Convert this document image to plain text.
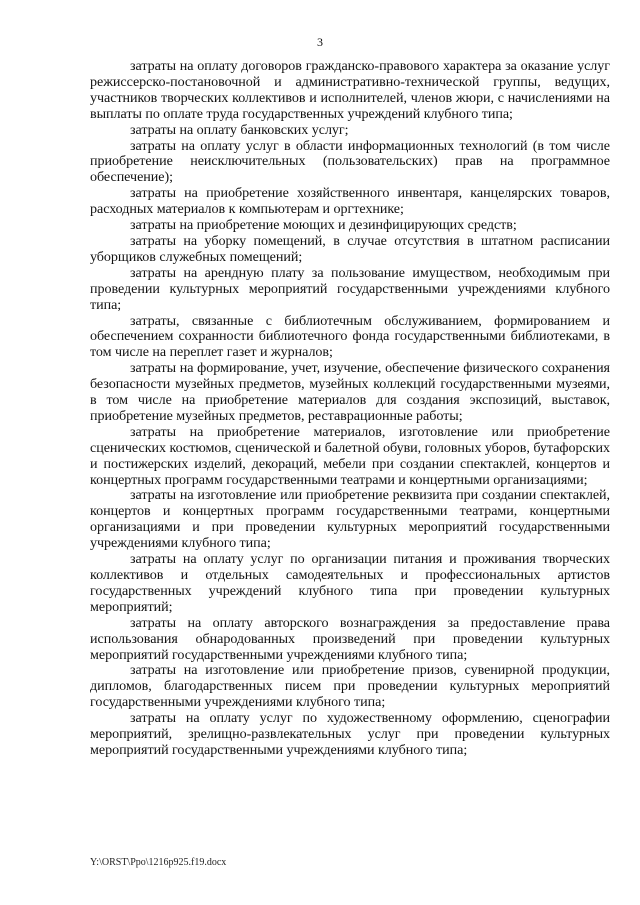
3

затраты на оплату договоров гражданско-правового характера за оказание услуг режиссерско-постановочной и административно-технической группы, ведущих, участников творческих коллективов и исполнителей, членов жюри, с начислениями на выплаты по оплате труда государственных учреждений клубного типа;

затраты на оплату банковских услуг;

затраты на оплату услуг в области информационных технологий (в том числе приобретение неисключительных (пользовательских) прав на программное обеспечение);

затраты на приобретение хозяйственного инвентаря, канцелярских товаров, расходных материалов к компьютерам и оргтехнике;

затраты на приобретение моющих и дезинфицирующих средств;

затраты на уборку помещений, в случае отсутствия в штатном расписании уборщиков служебных помещений;

затраты на арендную плату за пользование имуществом, необходимым при проведении культурных мероприятий государственными учреждениями клубного типа;

затраты, связанные с библиотечным обслуживанием, формированием и обеспечением сохранности библиотечного фонда государственными библиотеками, в том числе на переплет газет и журналов;

затраты на формирование, учет, изучение, обеспечение физического сохранения безопасности музейных предметов, музейных коллекций государственными музеями, в том числе на приобретение материалов для создания экспозиций, выставок, приобретение музейных предметов, реставрационные работы;

затраты на приобретение материалов, изготовление или приобретение сценических костюмов, сценической и балетной обуви, головных уборов, бутафорских и постижерских изделий, декораций, мебели при создании спектаклей, концертов и концертных программ государственными театрами и концертными организациями;

затраты на изготовление или приобретение реквизита при создании спектаклей, концертов и концертных программ государственными театрами, концертными организациями и при проведении культурных мероприятий государственными учреждениями клубного типа;

затраты на оплату услуг по организации питания и проживания творческих коллективов и отдельных самодеятельных и профессиональных артистов государственных учреждений клубного типа при проведении культурных мероприятий;

затраты на оплату авторского вознаграждения за предоставление права использования обнародованных произведений при проведении культурных мероприятий государственными учреждениями клубного типа;

затраты на изготовление или приобретение призов, сувенирной продукции, дипломов, благодарственных писем при проведении культурных мероприятий государственными учреждениями клубного типа;

затраты на оплату услуг по художественному оформлению, сценографии мероприятий, зрелищно-развлекательных услуг при проведении культурных мероприятий государственными учреждениями клубного типа;

Y:\ORST\Ppo\1216p925.f19.docx
